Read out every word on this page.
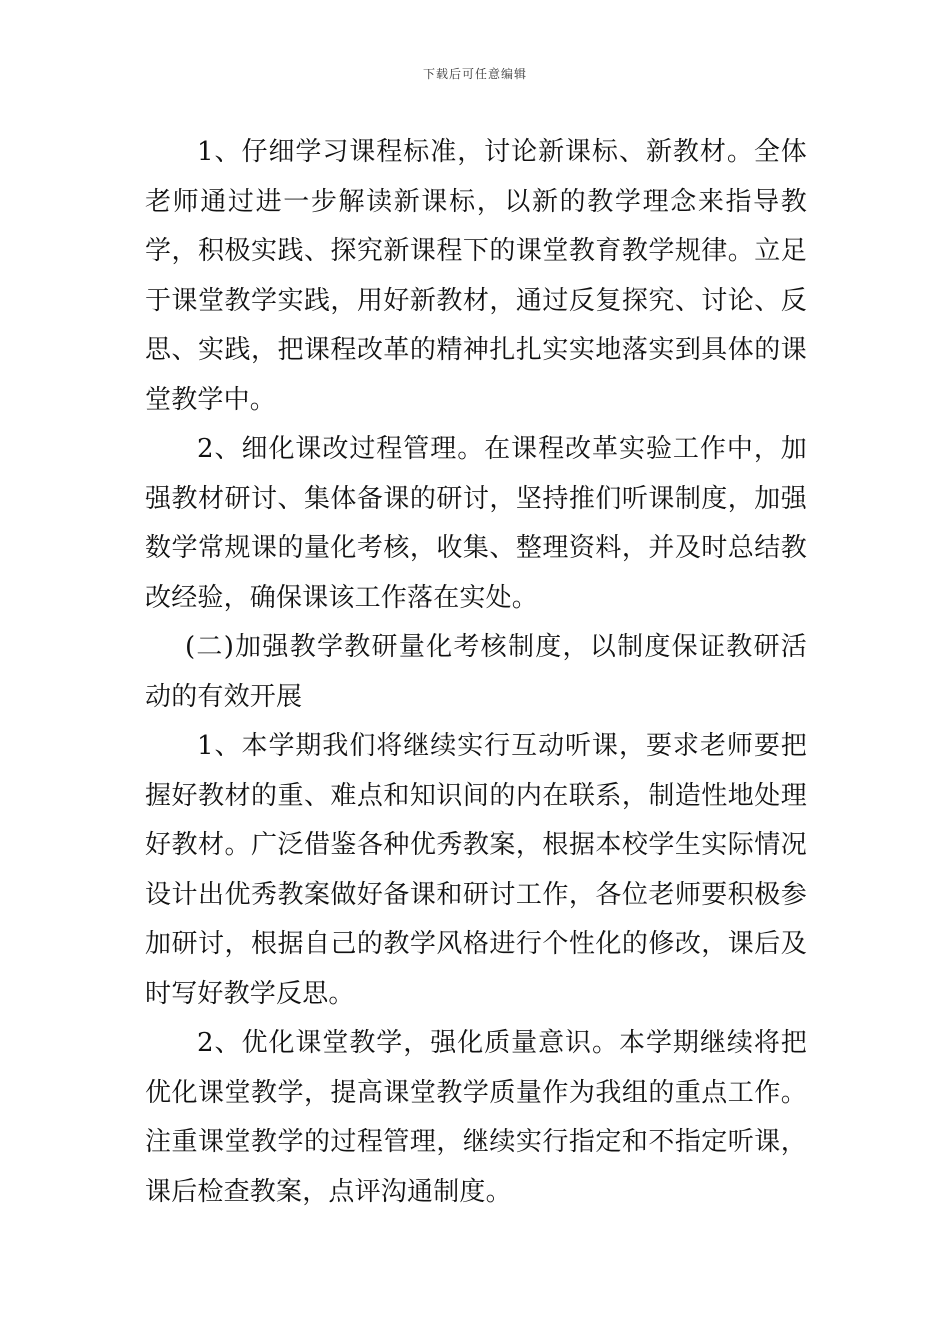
下载后可任意编辑

1、仔细学习课程标准，讨论新课标、新教材。全体老师通过进一步解读新课标，以新的教学理念来指导教学，积极实践、探究新课程下的课堂教育教学规律。立足于课堂教学实践，用好新教材，通过反复探究、讨论、反思、实践，把课程改革的精神扎扎实实地落实到具体的课堂教学中。

2、细化课改过程管理。在课程改革实验工作中，加强教材研讨、集体备课的研讨，坚持推们听课制度，加强数学常规课的量化考核，收集、整理资料，并及时总结教改经验，确保课该工作落在实处。

(二)加强教学教研量化考核制度，以制度保证教研活动的有效开展

1、本学期我们将继续实行互动听课，要求老师要把握好教材的重、难点和知识间的内在联系，制造性地处理好教材。广泛借鉴各种优秀教案，根据本校学生实际情况设计出优秀教案做好备课和研讨工作，各位老师要积极参加研讨，根据自己的教学风格进行个性化的修改，课后及时写好教学反思。

2、优化课堂教学，强化质量意识。本学期继续将把优化课堂教学，提高课堂教学质量作为我组的重点工作。注重课堂教学的过程管理，继续实行指定和不指定听课，课后检查教案，点评沟通制度。
